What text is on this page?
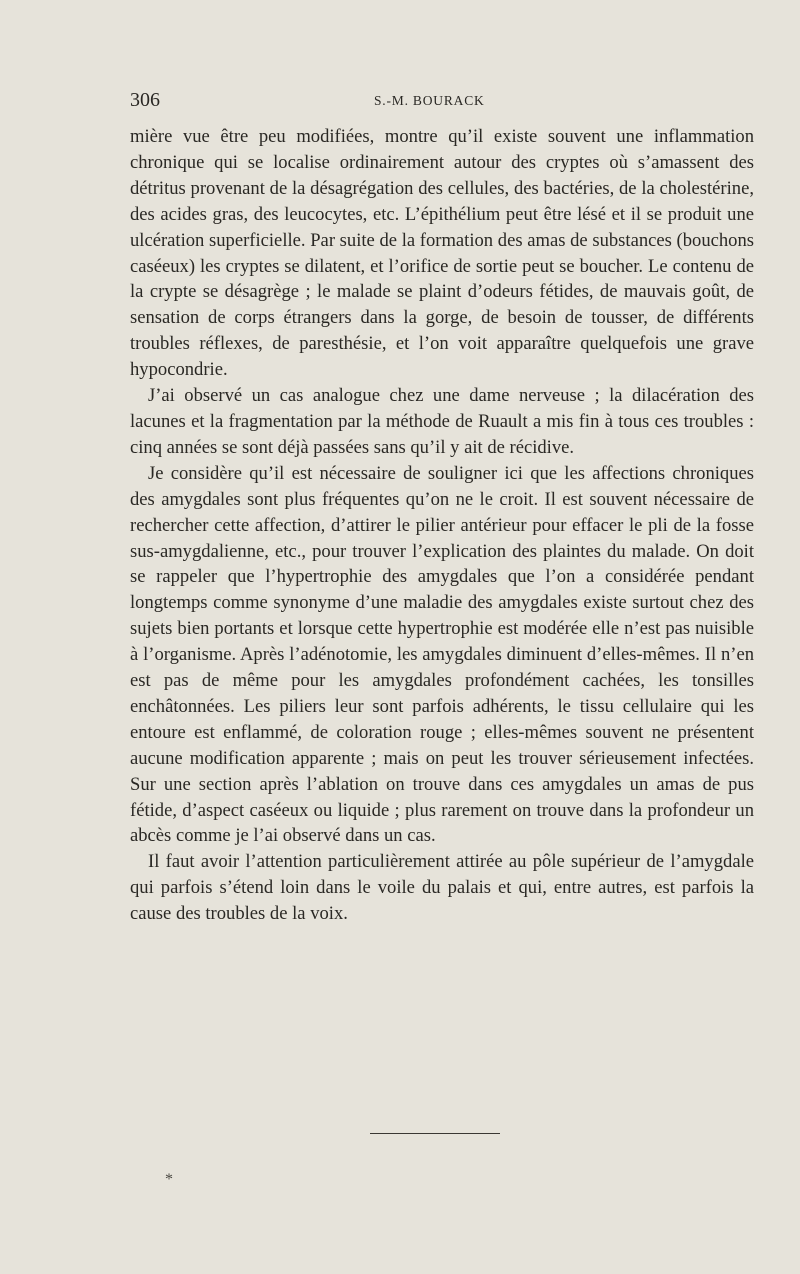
306	S.-M. BOURACK

mière vue être peu modifiées, montre qu’il existe souvent une inflammation chronique qui se localise ordinairement autour des cryptes où s’amassent des détritus provenant de la désagrégation des cellules, des bactéries, de la cholestérine, des acides gras, des leucocytes, etc. L’épithélium peut être lésé et il se produit une ulcération superficielle. Par suite de la formation des amas de substances (bouchons caséeux) les cryptes se dilatent, et l’orifice de sortie peut se boucher. Le contenu de la crypte se désagrège ; le malade se plaint d’odeurs fétides, de mauvais goût, de sensation de corps étrangers dans la gorge, de besoin de tousser, de différents troubles réflexes, de paresthésie, et l’on voit apparaître quelquefois une grave hypocondrie.

J’ai observé un cas analogue chez une dame nerveuse ; la dilacération des lacunes et la fragmentation par la méthode de Ruault a mis fin à tous ces troubles : cinq années se sont déjà passées sans qu’il y ait de récidive.

Je considère qu’il est nécessaire de souligner ici que les affections chroniques des amygdales sont plus fréquentes qu’on ne le croit. Il est souvent nécessaire de rechercher cette affection, d’attirer le pilier antérieur pour effacer le pli de la fosse sus-amygdalienne, etc., pour trouver l’explication des plaintes du malade. On doit se rappeler que l’hypertrophie des amygdales que l’on a considérée pendant longtemps comme synonyme d’une maladie des amygdales existe surtout chez des sujets bien portants et lorsque cette hypertrophie est modérée elle n’est pas nuisible à l’organisme. Après l’adénotomie, les amygdales diminuent d’elles-mêmes. Il n’en est pas de même pour les amygdales profondément cachées, les tonsilles enchâtonnées. Les piliers leur sont parfois adhérents, le tissu cellulaire qui les entoure est enflammé, de coloration rouge ; elles-mêmes souvent ne présentent aucune modification apparente ; mais on peut les trouver sérieusement infectées. Sur une section après l’ablation on trouve dans ces amygdales un amas de pus fétide, d’aspect caséeux ou liquide ; plus rarement on trouve dans la profondeur un abcès comme je l’ai observé dans un cas.

Il faut avoir l’attention particulièrement attirée au pôle supérieur de l’amygdale qui parfois s’étend loin dans le voile du palais et qui, entre autres, est parfois la cause des troubles de la voix.

*
